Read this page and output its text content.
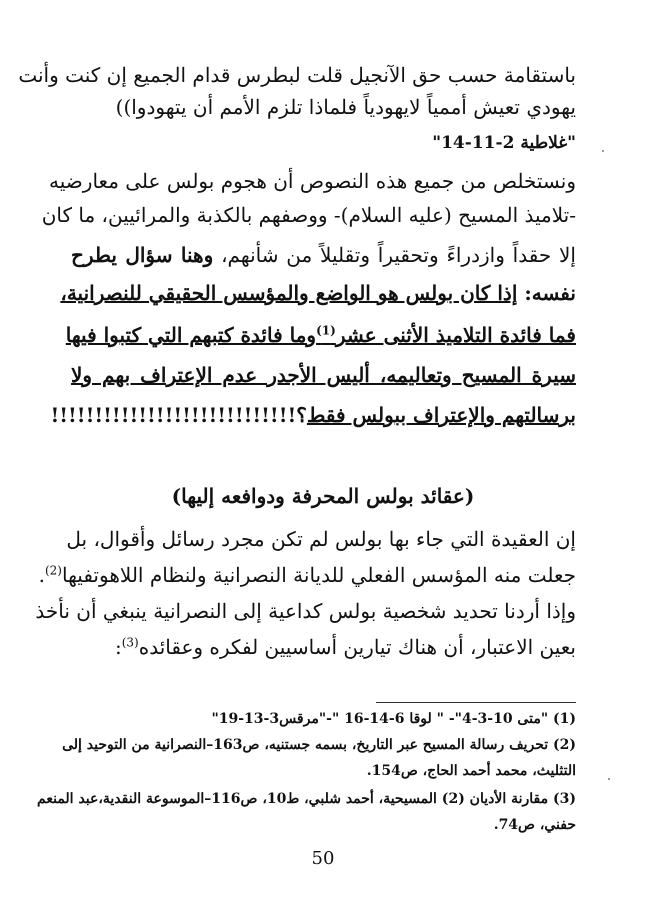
باستقامة حسب حق الآنجيل قلت لبطرس قدام الجميع إن كنت وأنت
يهودي تعيش أممياً لايهودياً فلماذا تلزم الأمم أن يتهودوا))
"غلاطية 2-11-14"
ونستخلص من جميع هذه النصوص أن هجوم بولس على معارضيه
-تلاميذ المسيح (عليه السلام)- ووصفهم بالكذبة والمرائيين، ما كان
إلا حقداً وازدراءً وتحقيراً وتقليلاً من شأنهم، وهنا سؤال يطرح
نفسه: إذا كان بولس هو الواضع والمؤسس الحقيقي للنصرانية،
فما فائدة التلاميذ الأثنى عشر$^{(1)}$وما فائدة كتبهم التي كتبوا فيها
سيرة المسيح وتعاليمه، أليس الأجدر عدم الإعتراف بهم ولا
برسالتهم والإعتراف ببولس فقط؟!!!!!!!!!!!!!!!!!!!!!!!!!!!!
(عقائد بولس المحرفة ودوافعه إليها)
إن العقيدة التي جاء بها بولس لم تكن مجرد رسائل وأقوال، بل
جعلت منه المؤسس الفعلي للديانة النصرانية ولنظام اللاهوتفيها$^{(2)}$.
وإذا أردنا تحديد شخصية بولس كداعية إلى النصرانية ينبغي أن نأخذ
بعين الاعتبار، أن هناك تيارين أساسيين لفكره وعقائده$^{(3)}$:
(1) "متى 10-3-4"- " لوقا 6-14-16 "-"مرقس3-13-19"
(2) تحريف رسالة المسيح عبر التاريخ، بسمه جستنيه، ص163–النصرانية من التوحيد إلى
التثليث، محمد أحمد الحاج، ص154.
(3) مقارنة الأديان (2) المسيحية، أحمد شلبي، ط10، ص116–الموسوعة النقدية،عبد المنعم
حفني، ص74.
50
